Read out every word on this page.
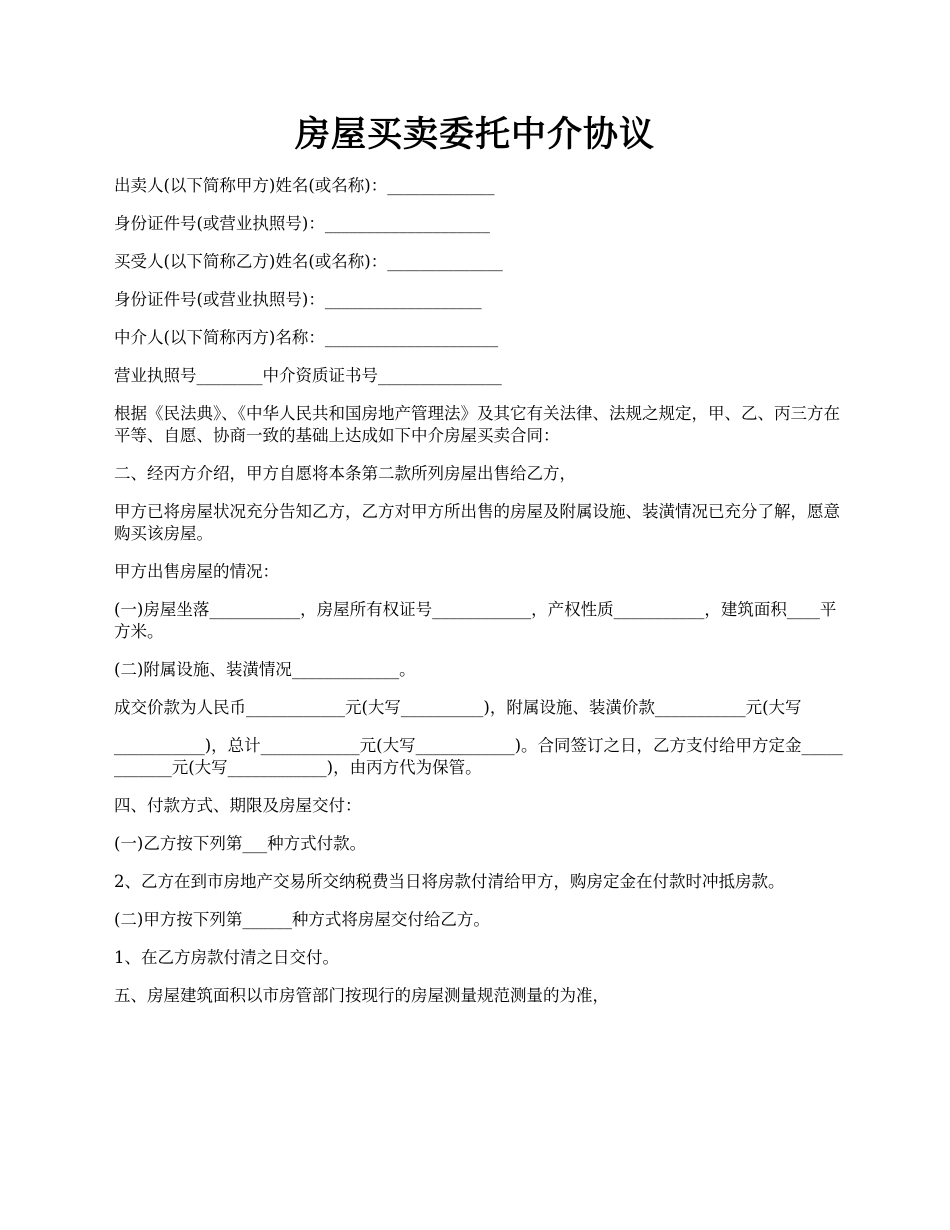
房屋买卖委托中介协议

出卖人(以下简称甲方)姓名(或名称)：_____________

身份证件号(或营业执照号)：____________________

买受人(以下简称乙方)姓名(或名称)：______________

身份证件号(或营业执照号)：___________________

中介人(以下简称丙方)名称：_____________________

营业执照号________中介资质证书号_______________

根据《民法典》、《中华人民共和国房地产管理法》及其它有关法律、法规之规定，甲、乙、丙三方在平等、自愿、协商一致的基础上达成如下中介房屋买卖合同：

二、经丙方介绍，甲方自愿将本条第二款所列房屋出售给乙方，

甲方已将房屋状况充分告知乙方，乙方对甲方所出售的房屋及附属设施、装潢情况已充分了解，愿意购买该房屋。

甲方出售房屋的情况：

(一)房屋坐落___________，房屋所有权证号____________，产权性质___________，建筑面积____平方米。

(二)附属设施、装潢情况_____________。

成交价款为人民币____________元(大写__________)，附属设施、装潢价款___________元(大写

___________)，总计____________元(大写____________)。合同签订之日，乙方支付给甲方定金____________元(大写____________)，由丙方代为保管。

四、付款方式、期限及房屋交付：

(一)乙方按下列第___种方式付款。

2、乙方在到市房地产交易所交纳税费当日将房款付清给甲方，购房定金在付款时冲抵房款。

(二)甲方按下列第______种方式将房屋交付给乙方。

1、在乙方房款付清之日交付。

五、房屋建筑面积以市房管部门按现行的房屋测量规范测量的为准，
